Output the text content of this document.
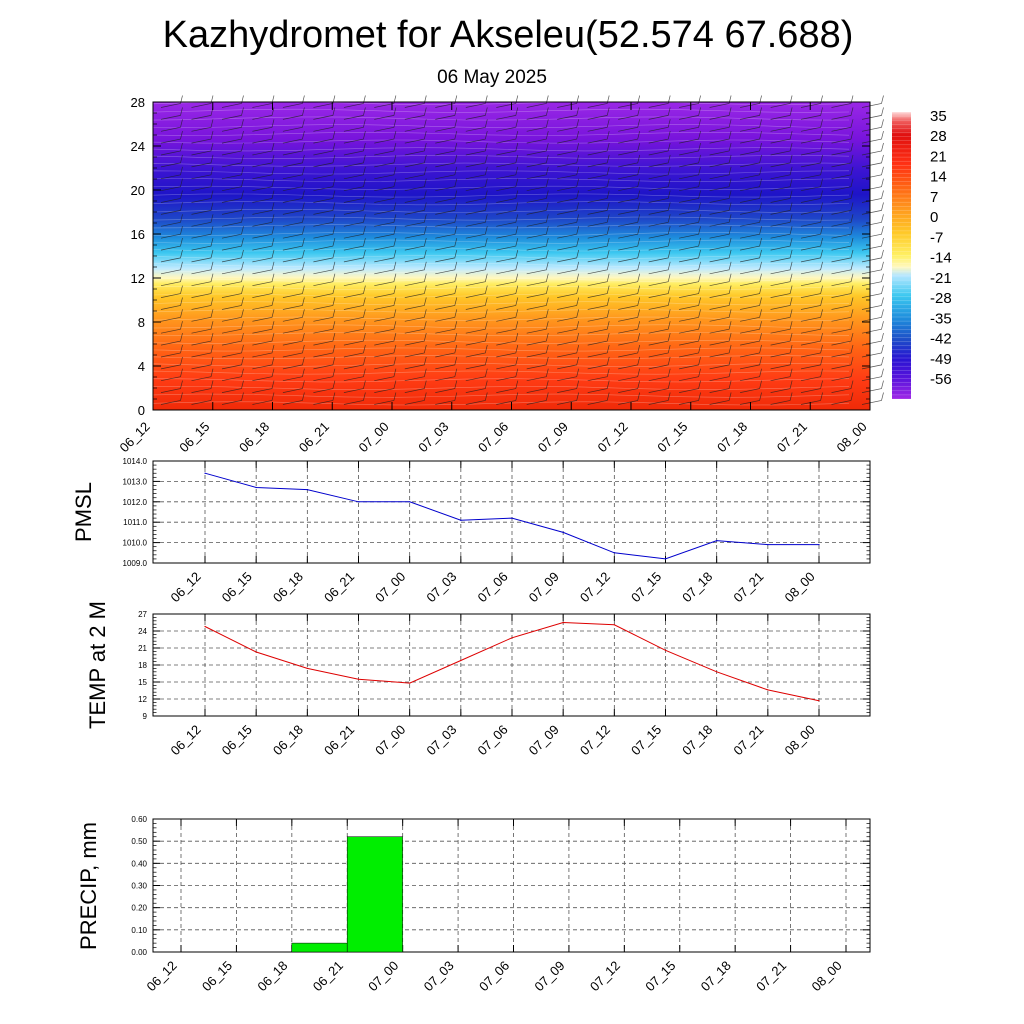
Kazhydromet for Akseleu(52.574 67.688)
06 May 2025
0
4
8
12
16
20
24
28
06_12 06_15 06_18 06_21 07_00 07_03 07_06 07_09 07_12 07_15 07_18 07_21 08_00
35
28
21
14
7
0
-7
-14
-21
-28
-35
-42
-49
-56
PMSL
1009.0
1010.0
1011.0
1012.0
1013.0
1014.0
06_12 06_15 06_18 06_21 07_00 07_03 07_06 07_09 07_12 07_15 07_18 07_21 08_00
TEMP at 2 M	9
12
15
18
21
24
27
06_12 06_15 06_18 06_21 07_00 07_03 07_06 07_09 07_12 07_15 07_18 07_21 08_00
PRECIP, mm
0.00
0.10
0.20
0.30
0.40
0.50
0.60
06_12 06_15 06_18 06_21 07_00 07_03 07_06 07_09 07_12 07_15 07_18 07_21 08_00
